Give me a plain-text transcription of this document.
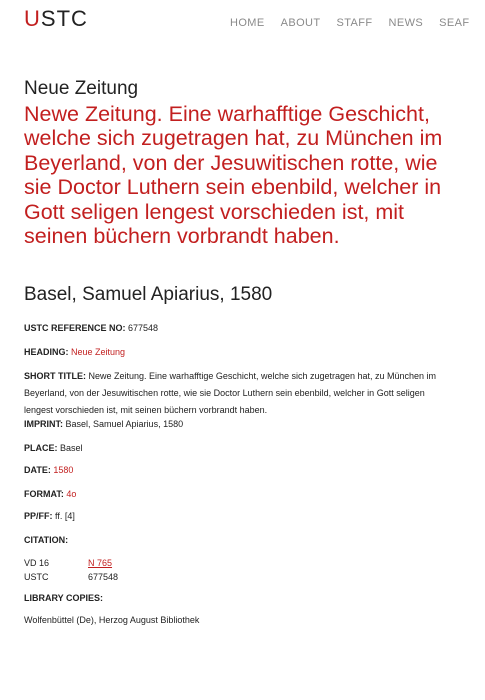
USTC	HOME ABOUT STAFF NEWS SEAF
Neue Zeitung
Newe Zeitung. Eine warhafftige Geschicht, welche sich zugetragen hat, zu München im Beyerland, von der Jesuwitischen rotte, wie sie Doctor Luthern sein ebenbild, welcher in Gott seligen lengest vorschieden ist, mit seinen büchern vorbrandt haben.
Basel, Samuel Apiarius, 1580
USTC REFERENCE NO: 677548
HEADING: Neue Zeitung
SHORT TITLE: Newe Zeitung. Eine warhafftige Geschicht, welche sich zugetragen hat, zu München im Beyerland, von der Jesuwitischen rotte, wie sie Doctor Luthern sein ebenbild, welcher in Gott seligen lengest vorschieden ist, mit seinen büchern vorbrandt haben.
IMPRINT: Basel, Samuel Apiarius, 1580
PLACE: Basel
DATE: 1580
FORMAT: 4o
PP/FF: ff. [4]
CITATION:
VD 16	N 765
USTC	677548
LIBRARY COPIES:
Wolfenbüttel (De), Herzog August Bibliothek
